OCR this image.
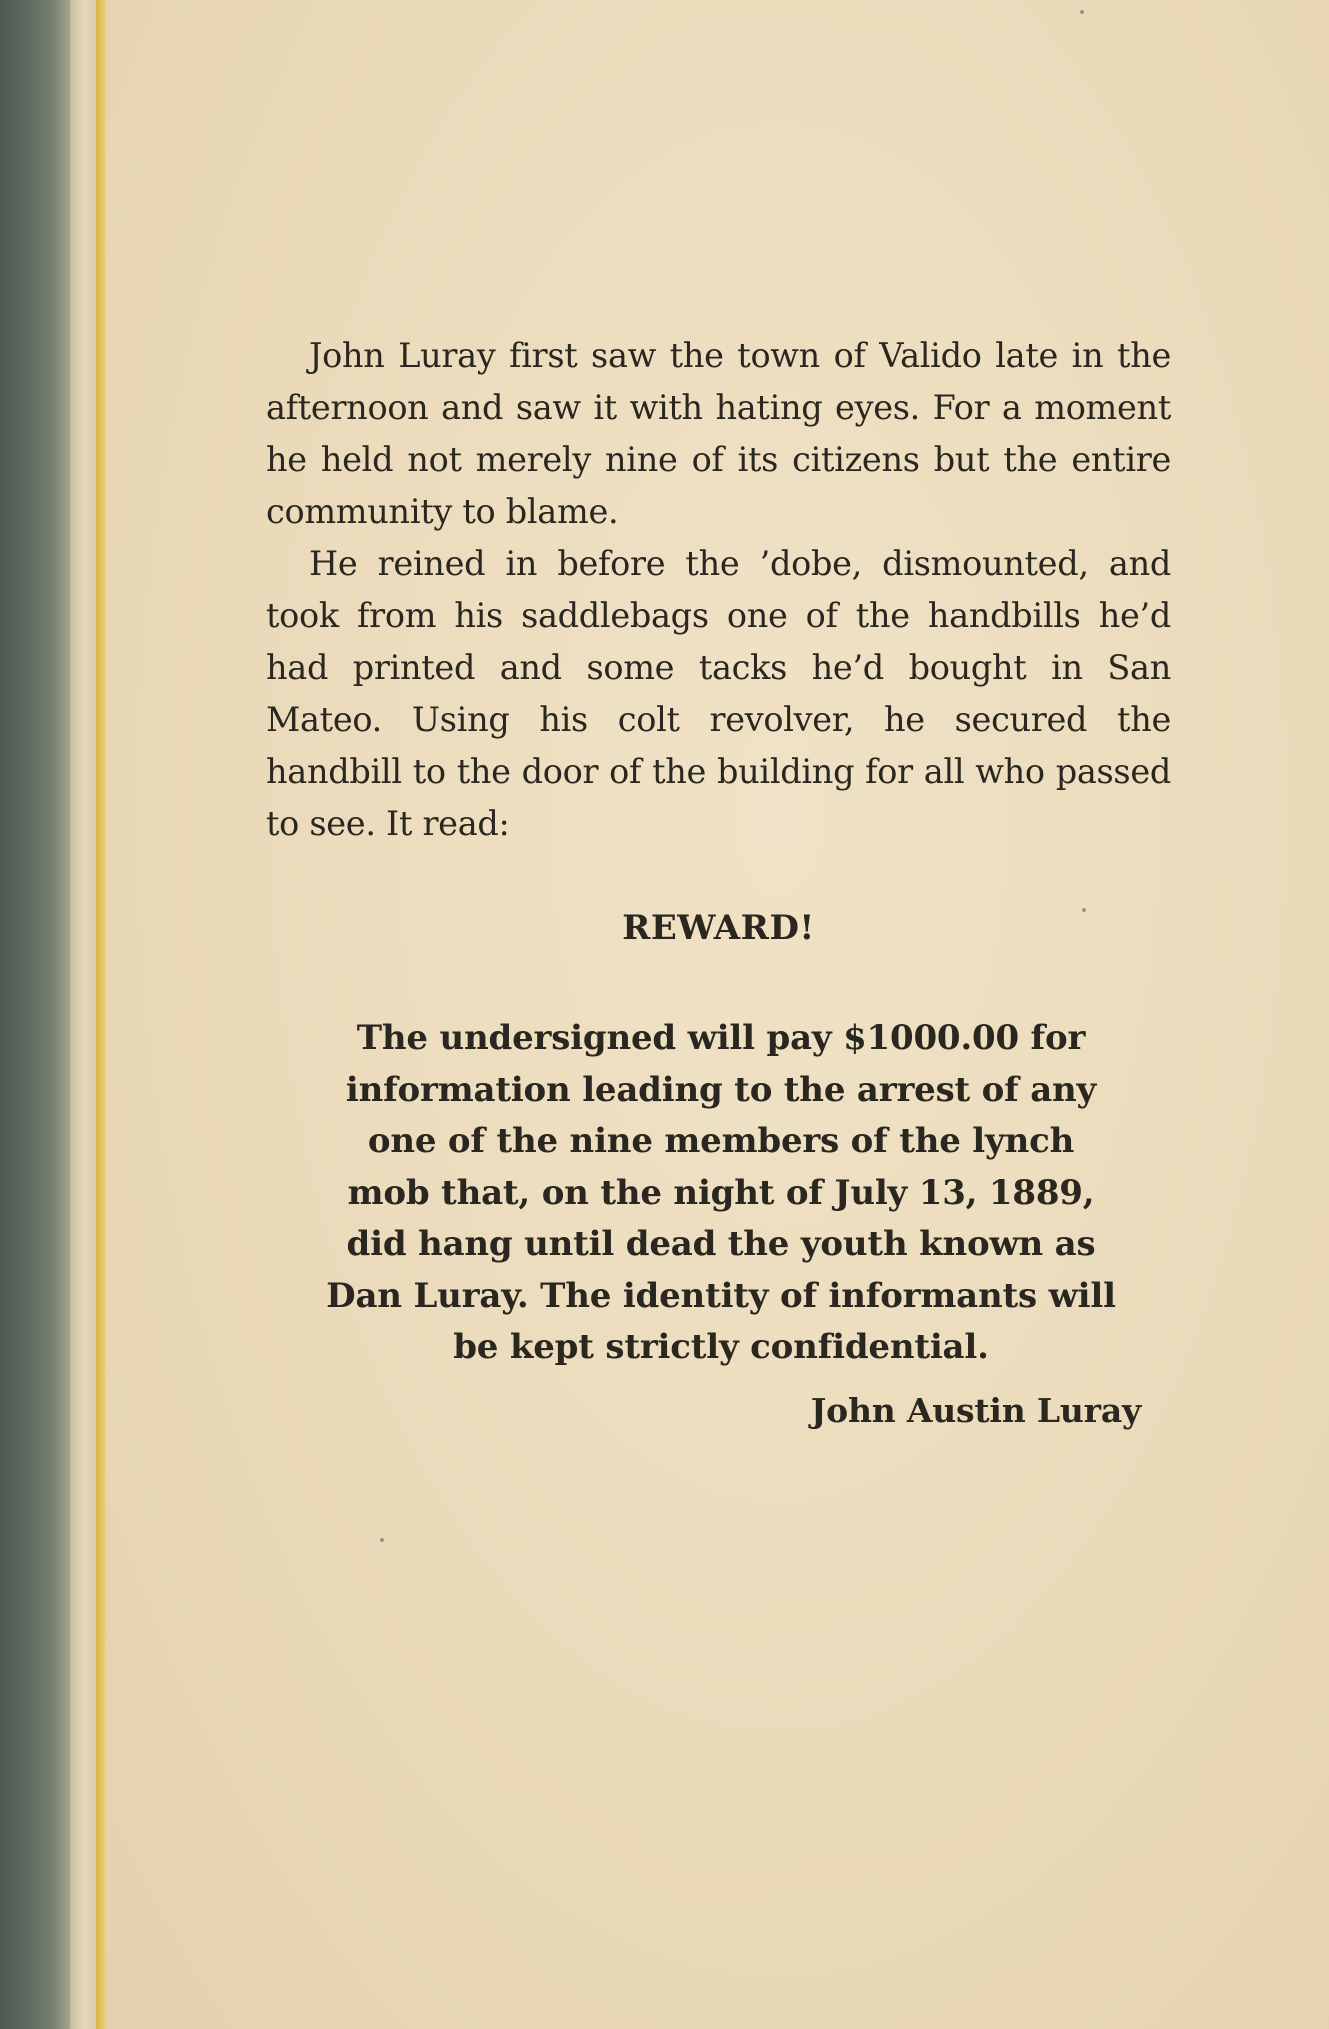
John Luray first saw the town of Valido late in the afternoon and saw it with hating eyes. For a moment he held not merely nine of its citizens but the entire community to blame.

He reined in before the ’dobe, dismounted, and took from his saddlebags one of the handbills he’d had printed and some tacks he’d bought in San Mateo. Using his colt revolver, he secured the handbill to the door of the building for all who passed to see. It read:

REWARD!

The undersigned will pay $1000.00 for information leading to the arrest of any one of the nine members of the lynch mob that, on the night of July 13, 1889, did hang until dead the youth known as Dan Luray. The identity of informants will be kept strictly confidential.

John Austin Luray
